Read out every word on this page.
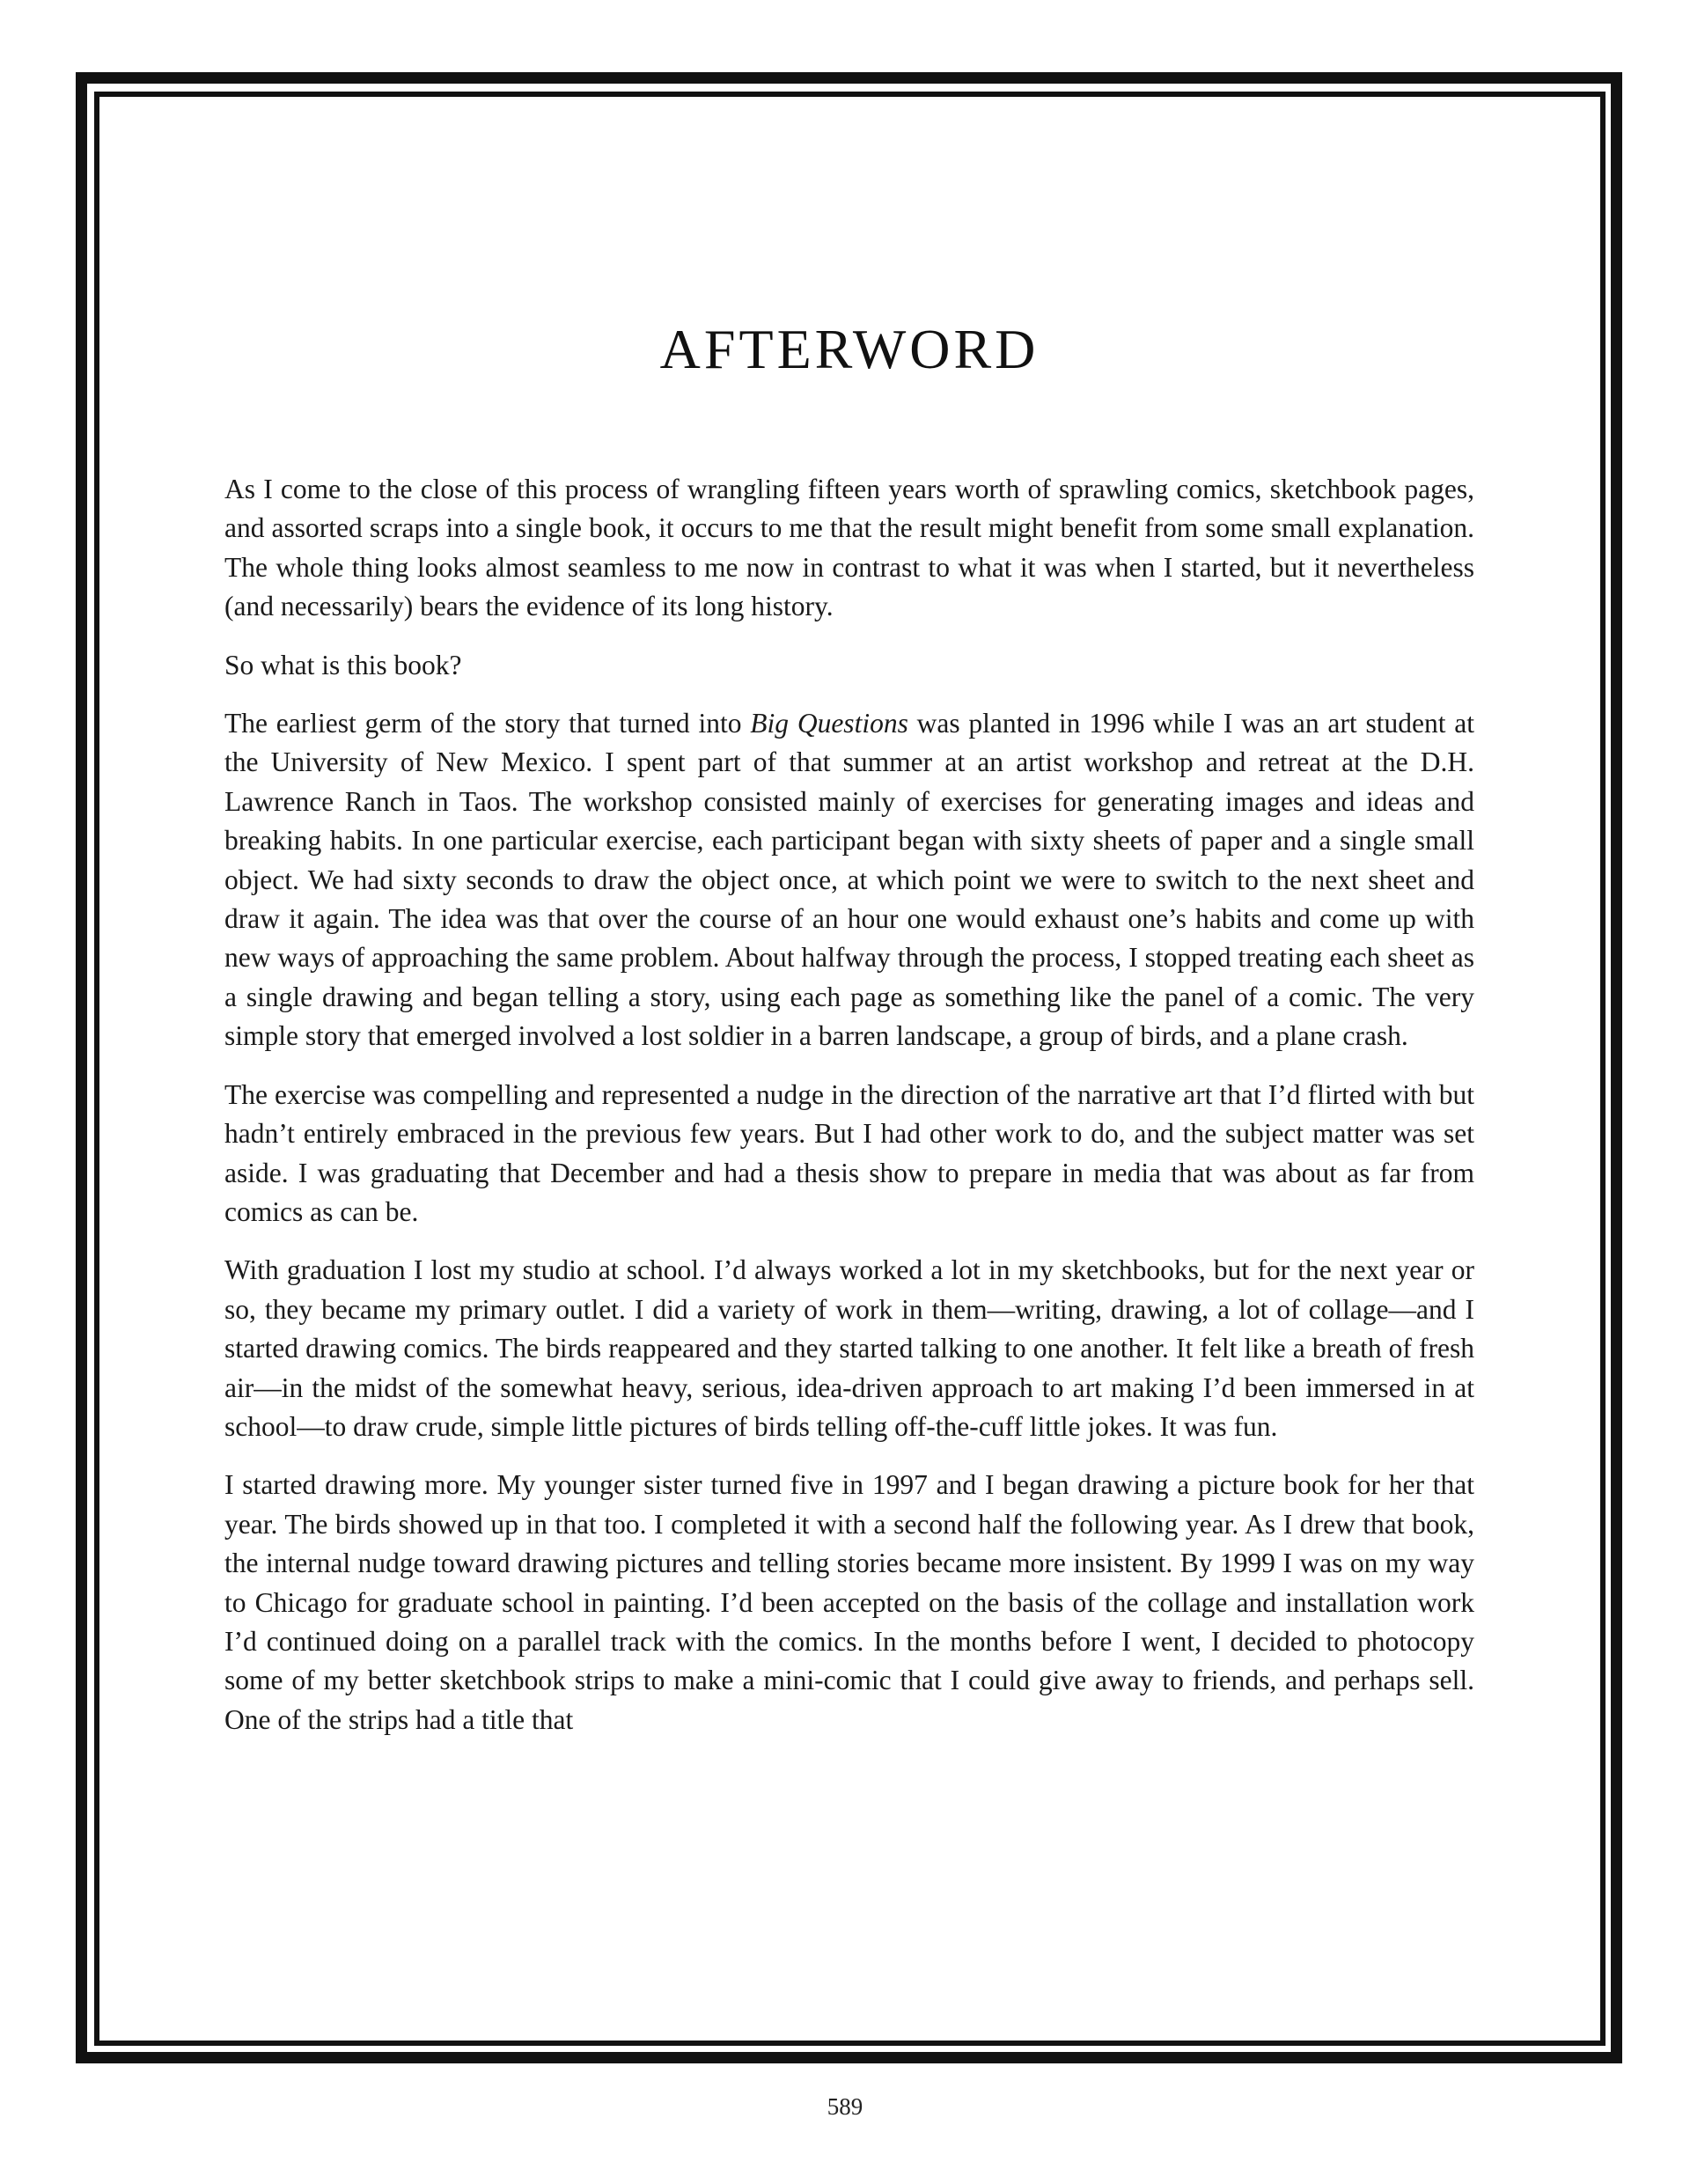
AFTERWORD

As I come to the close of this process of wrangling fifteen years worth of sprawling comics, sketchbook pages, and assorted scraps into a single book, it occurs to me that the result might benefit from some small explanation. The whole thing looks almost seamless to me now in contrast to what it was when I started, but it nevertheless (and necessarily) bears the evidence of its long history.

So what is this book?

The earliest germ of the story that turned into Big Questions was planted in 1996 while I was an art student at the University of New Mexico. I spent part of that summer at an artist workshop and retreat at the D.H. Lawrence Ranch in Taos. The workshop consisted mainly of exercises for generating images and ideas and breaking habits. In one particular exercise, each participant began with sixty sheets of paper and a single small object. We had sixty seconds to draw the object once, at which point we were to switch to the next sheet and draw it again. The idea was that over the course of an hour one would exhaust one’s habits and come up with new ways of approaching the same problem. About halfway through the process, I stopped treating each sheet as a single drawing and began telling a story, using each page as something like the panel of a comic. The very simple story that emerged involved a lost soldier in a barren landscape, a group of birds, and a plane crash.

The exercise was compelling and represented a nudge in the direction of the narrative art that I’d flirted with but hadn’t entirely embraced in the previous few years. But I had other work to do, and the subject matter was set aside. I was graduating that December and had a thesis show to prepare in media that was about as far from comics as can be.

With graduation I lost my studio at school. I’d always worked a lot in my sketchbooks, but for the next year or so, they became my primary outlet. I did a variety of work in them—writing, drawing, a lot of collage—and I started drawing comics. The birds reappeared and they started talking to one another. It felt like a breath of fresh air—in the midst of the somewhat heavy, serious, idea-driven approach to art making I’d been immersed in at school—to draw crude, simple little pictures of birds telling off-the-cuff little jokes. It was fun.

I started drawing more. My younger sister turned five in 1997 and I began drawing a picture book for her that year. The birds showed up in that too. I completed it with a second half the following year. As I drew that book, the internal nudge toward drawing pictures and telling stories became more insistent. By 1999 I was on my way to Chicago for graduate school in painting. I’d been accepted on the basis of the collage and installation work I’d continued doing on a parallel track with the comics. In the months before I went, I decided to photocopy some of my better sketchbook strips to make a mini-comic that I could give away to friends, and perhaps sell. One of the strips had a title that

589
